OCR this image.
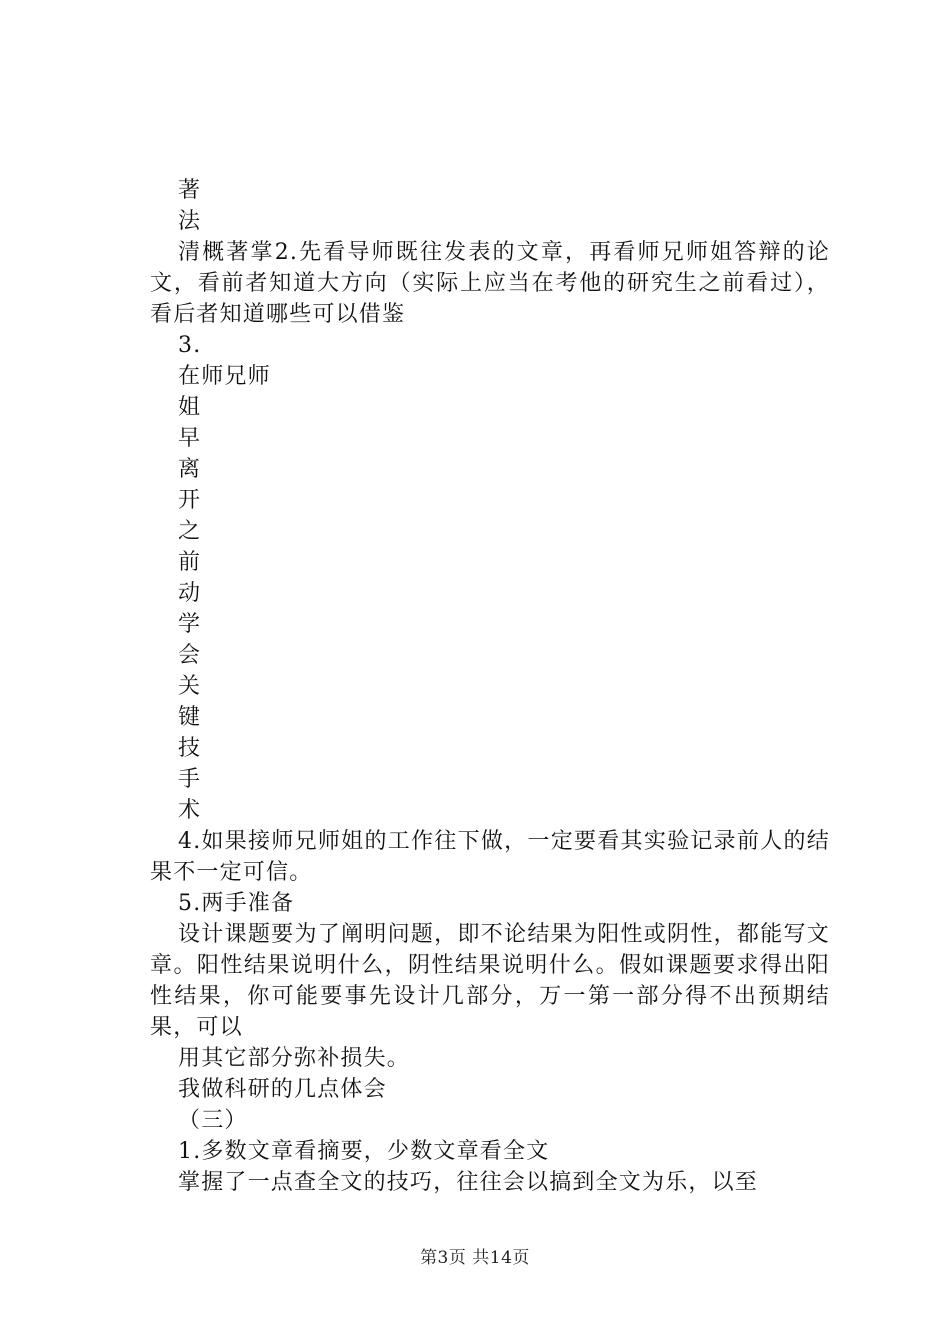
著
法

清概著掌2.先看导师既往发表的文章，再看师兄师姐答辩的论文，看前者知道大方向（实际上应当在考他的研究生之前看过），看后者知道哪些可以借鉴

3.
在师兄师
姐
早
离
开
之
前
动
学
会
关
键
技
手
术

4.如果接师兄师姐的工作往下做，一定要看其实验记录前人的结果不一定可信。

5.两手准备

设计课题要为了阐明问题，即不论结果为阳性或阴性，都能写文章。阳性结果说明什么，阴性结果说明什么。假如课题要求得出阳性结果，你可能要事先设计几部分，万一第一部分得不出预期结果，可以

用其它部分弥补损失。
我做科研的几点体会
（三）
1.多数文章看摘要，少数文章看全文

掌握了一点查全文的技巧，往往会以搞到全文为乐，以至

第3页 共14页
